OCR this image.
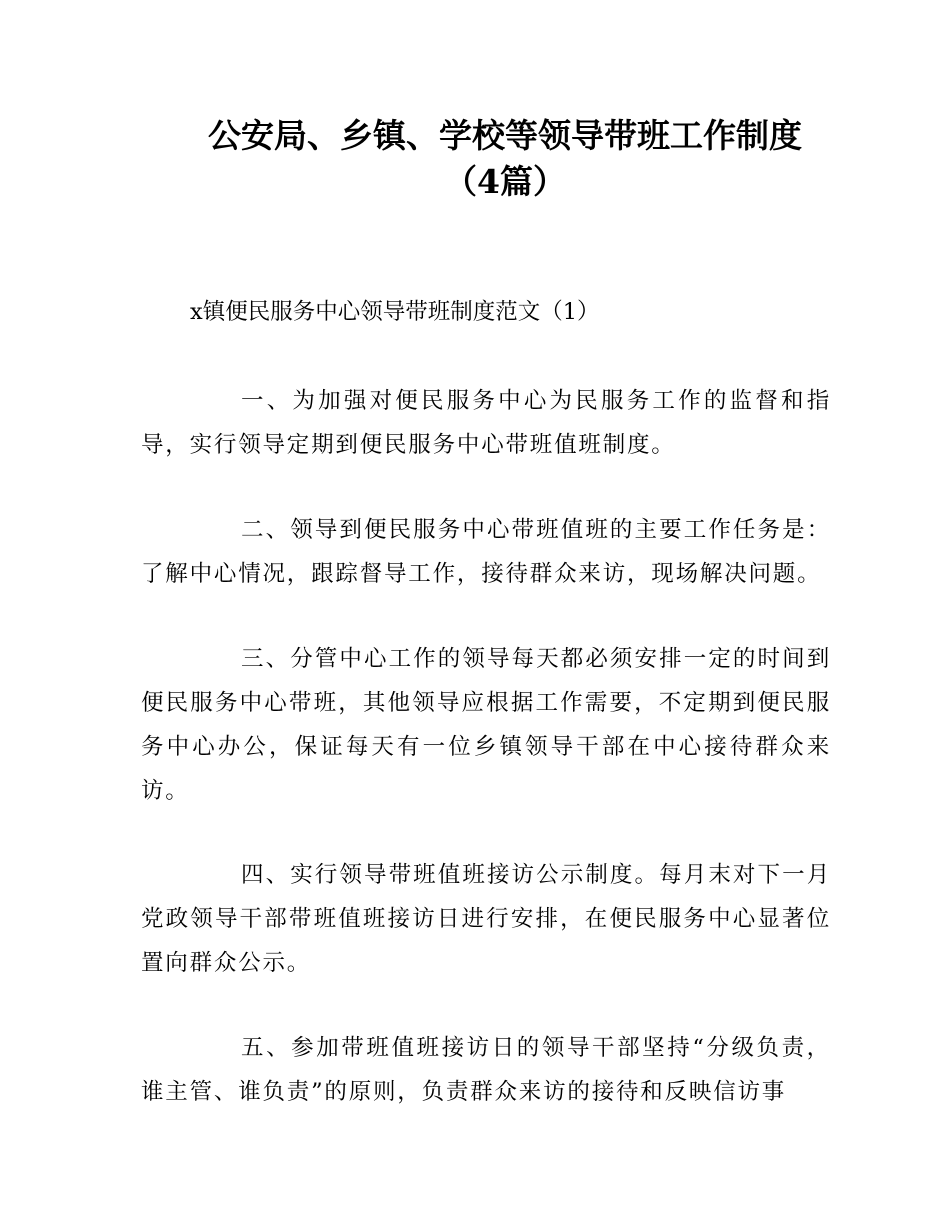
公安局、乡镇、学校等领导带班工作制度
（4篇）

x镇便民服务中心领导带班制度范文（1）

一、为加强对便民服务中心为民服务工作的监督和指导，实行领导定期到便民服务中心带班值班制度。

二、领导到便民服务中心带班值班的主要工作任务是：了解中心情况，跟踪督导工作，接待群众来访，现场解决问题。

三、分管中心工作的领导每天都必须安排一定的时间到便民服务中心带班，其他领导应根据工作需要，不定期到便民服务中心办公，保证每天有一位乡镇领导干部在中心接待群众来访。

四、实行领导带班值班接访公示制度。每月末对下一月党政领导干部带班值班接访日进行安排，在便民服务中心显著位置向群众公示。

五、参加带班值班接访日的领导干部坚持“分级负责，谁主管、谁负责”的原则，负责群众来访的接待和反映信访事
